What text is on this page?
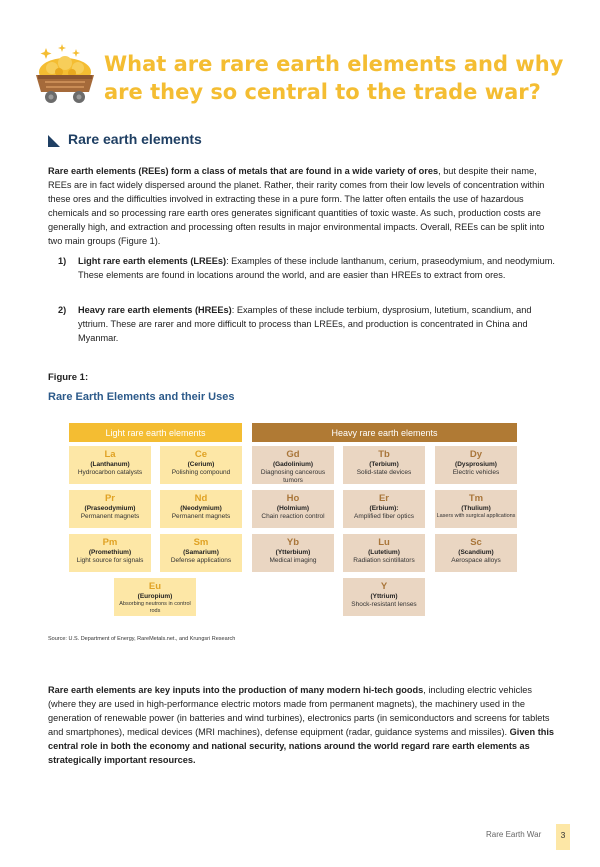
What are rare earth elements and why are they so central to the trade war?
Rare earth elements

Rare earth elements (REEs) form a class of metals that are found in a wide variety of ores, but despite their name, REEs are in fact widely dispersed around the planet. Rather, their rarity comes from their low levels of concentration within these ores and the difficulties involved in extracting these in a pure form. The latter often entails the use of hazardous chemicals and so processing rare earth ores generates significant quantities of toxic waste. As such, production costs are generally high, and extraction and processing often results in major environmental impacts. Overall, REEs can be split into two main groups (Figure 1).

1) Light rare earth elements (LREEs): Examples of these include lanthanum, cerium, praseodymium, and neodymium. These elements are found in locations around the world, and are easier than HREEs to extract from ores.
2) Heavy rare earth elements (HREEs): Examples of these include terbium, dysprosium, lutetium, scandium, and yttrium. These are rarer and more difficult to process than LREEs, and production is concentrated in China and Myanmar.

Figure 1:

Rare Earth Elements and their Uses

Light rare earth elements	Heavy rare earth elements
La
(Lanthanum)
Hydrocarbon catalysts
Ce
(Cerium)
Polishing compound
Pr
(Praseodymium)
Permanent magnets
Nd
(Neodymium)
Permanent magnets
Pm
(Promethium)
Light source for signals
Sm
(Samarium)
Defense applications
Eu
(Europium)
Absorbing neutrons in control rods
Gd
(Gadolinium)
Diagnosing cancerous tumors
Tb
(Terbium)
Solid-state devices
Dy
(Dysprosium)
Electric vehicles
Ho
(Holmium)
Chain reaction control
Er
(Erbium):
Amplified fiber optics
Tm
(Thulium)
Lasers with surgical applications
Yb
(Ytterbium)
Medical imaging
Lu
(Lutetium)
Radiation scintillators
Sc
(Scandium)
Aerospace alloys
Y
(Yttrium)
Shock-resistant lenses

Source: U.S. Department of Energy, RareMetals.net., and Krungsri Research

Rare earth elements are key inputs into the production of many modern hi-tech goods, including electric vehicles (where they are used in high-performance electric motors made from permanent magnets), the machinery used in the generation of renewable power (in batteries and wind turbines), electronics parts (in semiconductors and screens for tablets and smartphones), medical devices (MRI machines), defense equipment (radar, guidance systems and missiles). Given this central role in both the economy and national security, nations around the world regard rare earth elements as strategically important resources.

Rare Earth War	3
